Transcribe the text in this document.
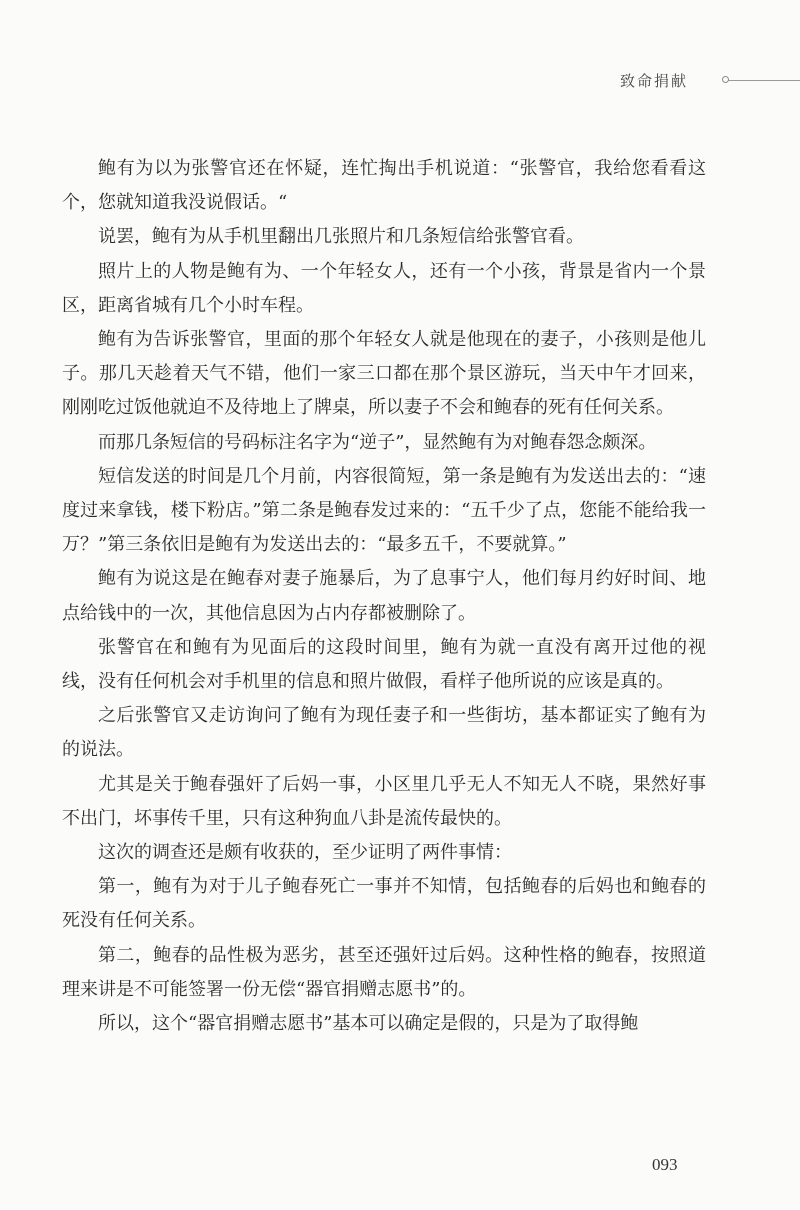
致命捐献

鲍有为以为张警官还在怀疑，连忙掏出手机说道：“张警官，我给您看看这个，您就知道我没说假话。“

说罢，鲍有为从手机里翻出几张照片和几条短信给张警官看。

照片上的人物是鲍有为、一个年轻女人，还有一个小孩，背景是省内一个景区，距离省城有几个小时车程。

鲍有为告诉张警官，里面的那个年轻女人就是他现在的妻子，小孩则是他儿子。那几天趁着天气不错，他们一家三口都在那个景区游玩，当天中午才回来，刚刚吃过饭他就迫不及待地上了牌桌，所以妻子不会和鲍春的死有任何关系。

而那几条短信的号码标注名字为“逆子”，显然鲍有为对鲍春怨念颇深。

短信发送的时间是几个月前，内容很简短，第一条是鲍有为发送出去的：“速度过来拿钱，楼下粉店。”第二条是鲍春发过来的：“五千少了点，您能不能给我一万？”第三条依旧是鲍有为发送出去的：“最多五千，不要就算。”

鲍有为说这是在鲍春对妻子施暴后，为了息事宁人，他们每月约好时间、地点给钱中的一次，其他信息因为占内存都被删除了。

张警官在和鲍有为见面后的这段时间里，鲍有为就一直没有离开过他的视线，没有任何机会对手机里的信息和照片做假，看样子他所说的应该是真的。

之后张警官又走访询问了鲍有为现任妻子和一些街坊，基本都证实了鲍有为的说法。

尤其是关于鲍春强奸了后妈一事，小区里几乎无人不知无人不晓，果然好事不出门，坏事传千里，只有这种狗血八卦是流传最快的。

这次的调查还是颇有收获的，至少证明了两件事情：

第一，鲍有为对于儿子鲍春死亡一事并不知情，包括鲍春的后妈也和鲍春的死没有任何关系。

第二，鲍春的品性极为恶劣，甚至还强奸过后妈。这种性格的鲍春，按照道理来讲是不可能签署一份无偿“器官捐赠志愿书”的。

所以，这个“器官捐赠志愿书”基本可以确定是假的，只是为了取得鲍

093
